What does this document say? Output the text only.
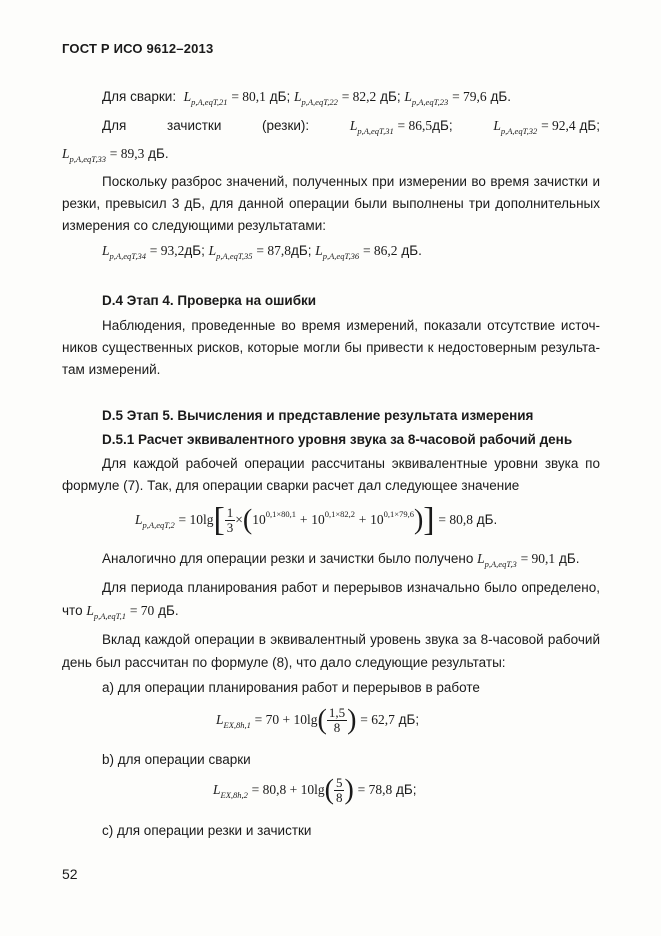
ГОСТ Р ИСО 9612–2013
Для сварки: $L_{p,A,eqT,21} = 80,1$ дБ; $L_{p,A,eqT,22} = 82,2$ дБ; $L_{p,A,eqT,23} = 79,6$ дБ.
Для	зачистки	(резки):	$L_{p,A,eqT,31} = 86,5дБ$;	$L_{p,A,eqT,32} = 92,4$ дБ;
$L_{p,A,eqT,33} = 89,3$ дБ.
Поскольку разброс значений, полученных при измерении во время зачистки и
резки, превысил 3 дБ, для данной операции были выполнены три дополнительных
измерения со следующими результатами:
$L_{p,A,eqT,34} = 93,2дБ$; $L_{p,A,eqT,35} = 87,8дБ$; $L_{p,A,eqT,36} = 86,2$ дБ.
D.4 Этап 4. Проверка на ошибки
Наблюдения, проведенные во время измерений, показали отсутствие источ-
ников существенных рисков, которые могли бы привести к недостоверным результа-
там измерений.
D.5 Этап 5. Вычисления и представление результата измерения
D.5.1 Расчет эквивалентного уровня звука за 8-часовой рабочий день
Для каждой рабочей операции рассчитаны эквивалентные уровни звука по
формуле (7). Так, для операции сварки расчет дал следующее значение
$L_{p,A,eqT,2} = 10\lg[ \frac{1}{3} \times(10^{0,1\times 80,1} + 10^{0,1\times 82,2} + 10^{0,1\times 79,6})] = 80,8$ дБ.
Аналогично для операции резки и зачистки было получено $L_{p,A,eqT,3} = 90,1$ дБ.
Для периода планирования работ и перерывов изначально было определено,
что $L_{p,A,eqT,1} = 70$ дБ.
Вклад каждой операции в эквивалентный уровень звука за 8-часовой рабочий
день был рассчитан по формуле (8), что дало следующие результаты:
a) для операции планирования работ и перерывов в работе
$L_{EX,8h,1} = 70 + 10\lg( \frac{1,5}{8}$ ) = 62,7 дБ;
b) для операции сварки
$L_{EX,8h,2} = 80,8 + 10\lg( \frac{5}{8}$ ) = 78,8 дБ;
c) для операции резки и зачистки
52
